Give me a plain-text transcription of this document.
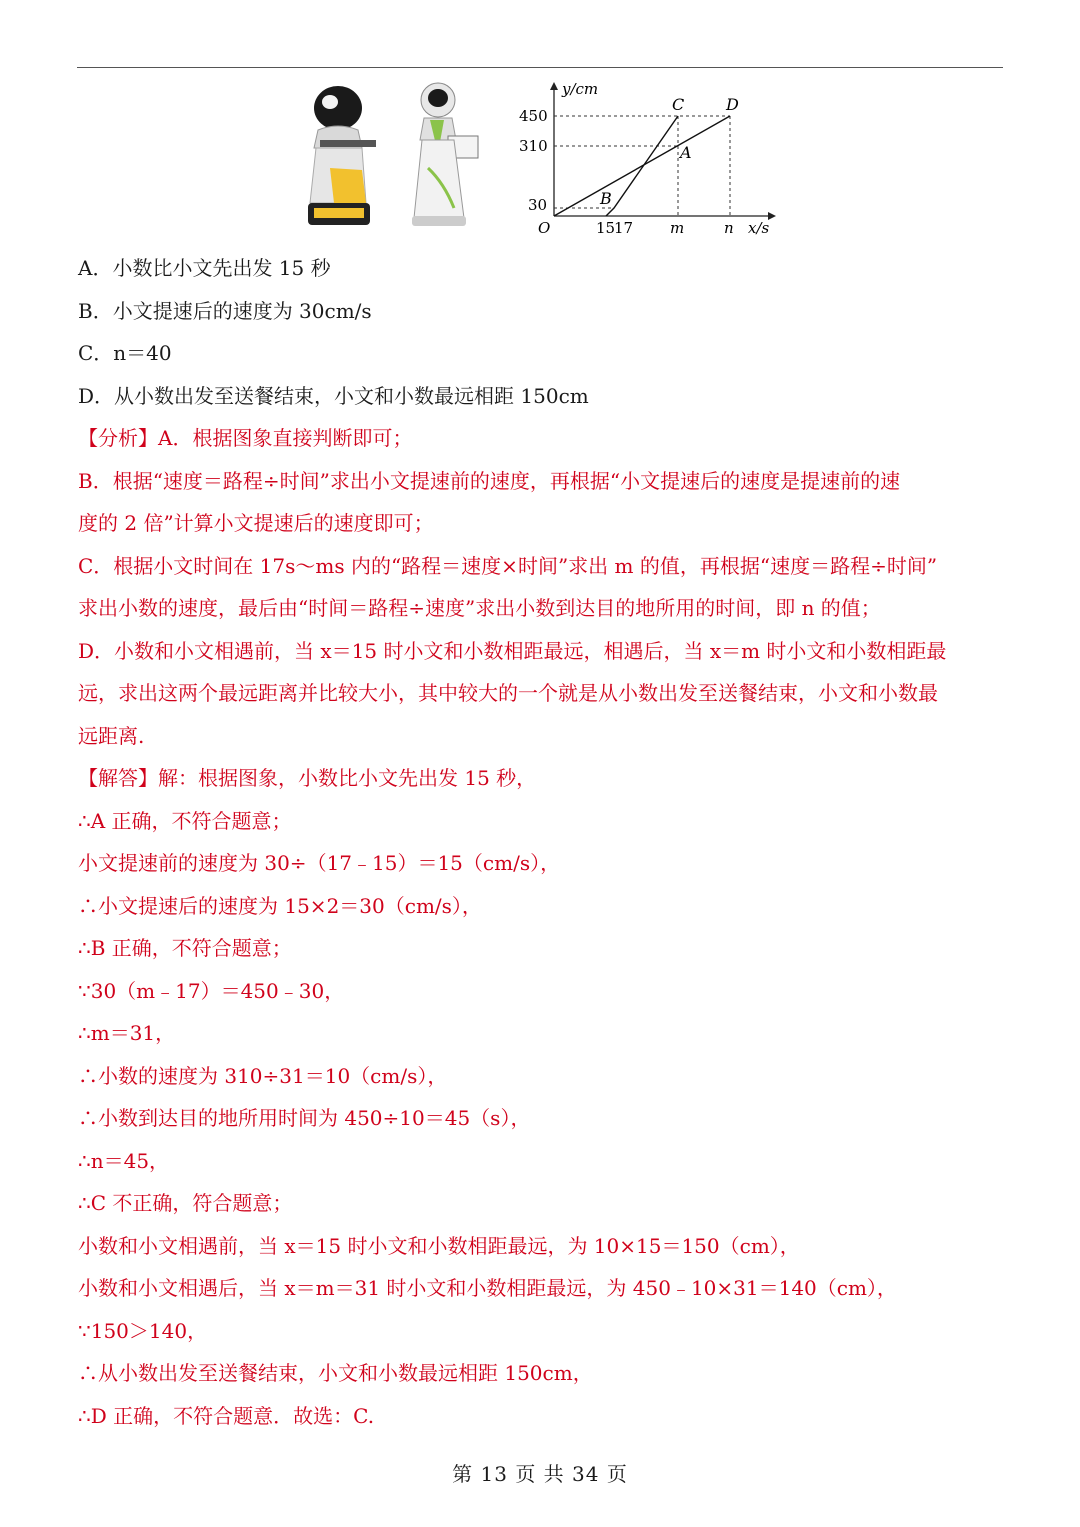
y/cm
x/s
O
450
310
30
15
17 m	n
C	D
A
B
A．小数比小文先出发 15 秒
B．小文提速后的速度为 30cm/s
C．n＝40
D．从小数出发至送餐结束，小文和小数最远相距 150cm
【分析】A．根据图象直接判断即可；
B．根据“速度＝路程÷时间”求出小文提速前的速度，再根据“小文提速后的速度是提速前的速
度的 2 倍”计算小文提速后的速度即可；
C．根据小文时间在 17s～ms 内的“路程＝速度×时间”求出 m 的值，再根据“速度＝路程÷时间”
求出小数的速度，最后由“时间＝路程÷速度”求出小数到达目的地所用的时间，即 n 的值；
D．小数和小文相遇前，当 x＝15 时小文和小数相距最远，相遇后，当 x＝m 时小文和小数相距最
远，求出这两个最远距离并比较大小，其中较大的一个就是从小数出发至送餐结束，小文和小数最
远距离.
【解答】解：根据图象，小数比小文先出发 15 秒，
∴A 正确，不符合题意；
小文提速前的速度为 30÷（17﹣15）＝15（cm/s），
∴小文提速后的速度为 15×2＝30（cm/s），
∴B 正确，不符合题意；
∵30（m﹣17）＝450﹣30，
∴m＝31，
∴小数的速度为 310÷31＝10（cm/s），
∴小数到达目的地所用时间为 450÷10＝45（s），
∴n＝45，
∴C 不正确，符合题意；
小数和小文相遇前，当 x＝15 时小文和小数相距最远，为 10×15＝150（cm），
小数和小文相遇后，当 x＝m＝31 时小文和小数相距最远，为 450﹣10×31＝140（cm），
∵150＞140，
∴从小数出发至送餐结束，小文和小数最远相距 150cm，
∴D 正确，不符合题意．故选：C.
第 13 页 共 34 页
